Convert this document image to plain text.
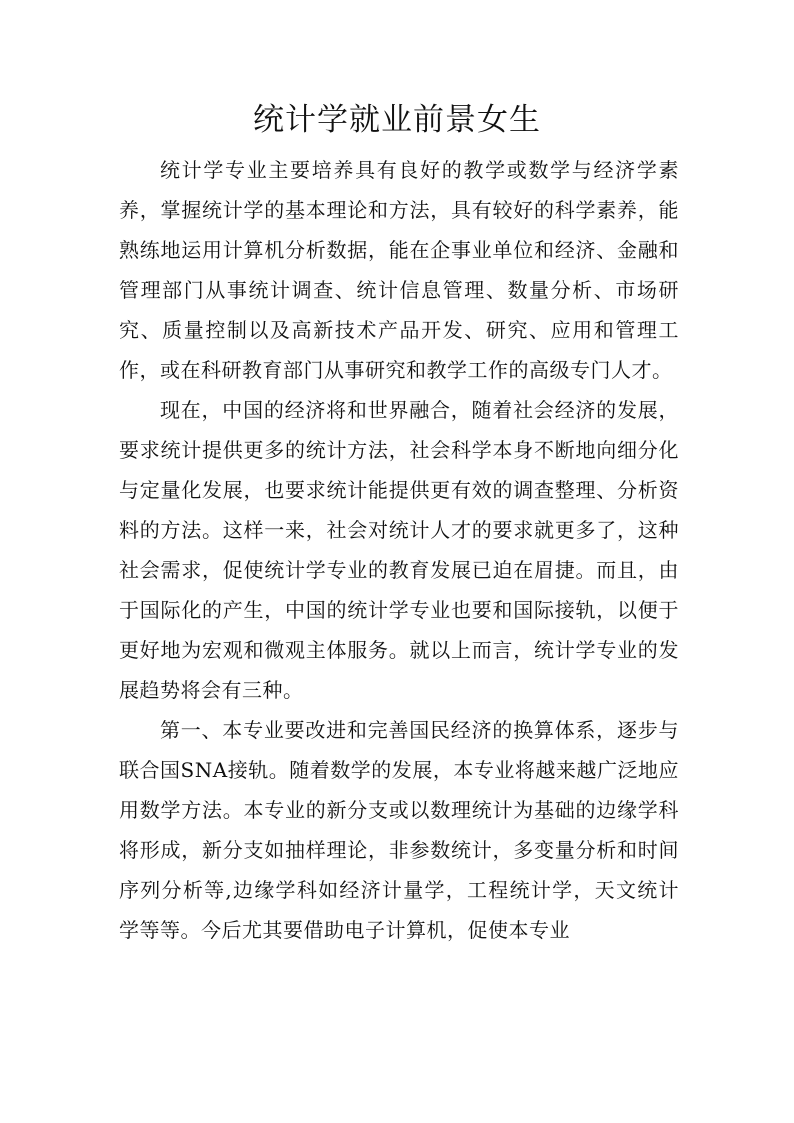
统计学就业前景女生

统计学专业主要培养具有良好的教学或数学与经济学素养，掌握统计学的基本理论和方法，具有较好的科学素养，能熟练地运用计算机分析数据，能在企事业单位和经济、金融和管理部门从事统计调查、统计信息管理、数量分析、市场研究、质量控制以及高新技术产品开发、研究、应用和管理工作，或在科研教育部门从事研究和教学工作的高级专门人才。

现在，中国的经济将和世界融合，随着社会经济的发展，要求统计提供更多的统计方法，社会科学本身不断地向细分化与定量化发展，也要求统计能提供更有效的调查整理、分析资料的方法。这样一来，社会对统计人才的要求就更多了，这种社会需求，促使统计学专业的教育发展已迫在眉捷。而且，由于国际化的产生，中国的统计学专业也要和国际接轨，以便于更好地为宏观和微观主体服务。就以上而言，统计学专业的发展趋势将会有三种。

第一、本专业要改进和完善国民经济的换算体系，逐步与联合国SNA接轨。随着数学的发展，本专业将越来越广泛地应用数学方法。本专业的新分支或以数理统计为基础的边缘学科将形成，新分支如抽样理论，非参数统计，多变量分析和时间序列分析等,边缘学科如经济计量学，工程统计学，天文统计学等等。今后尤其要借助电子计算机，促使本专业
